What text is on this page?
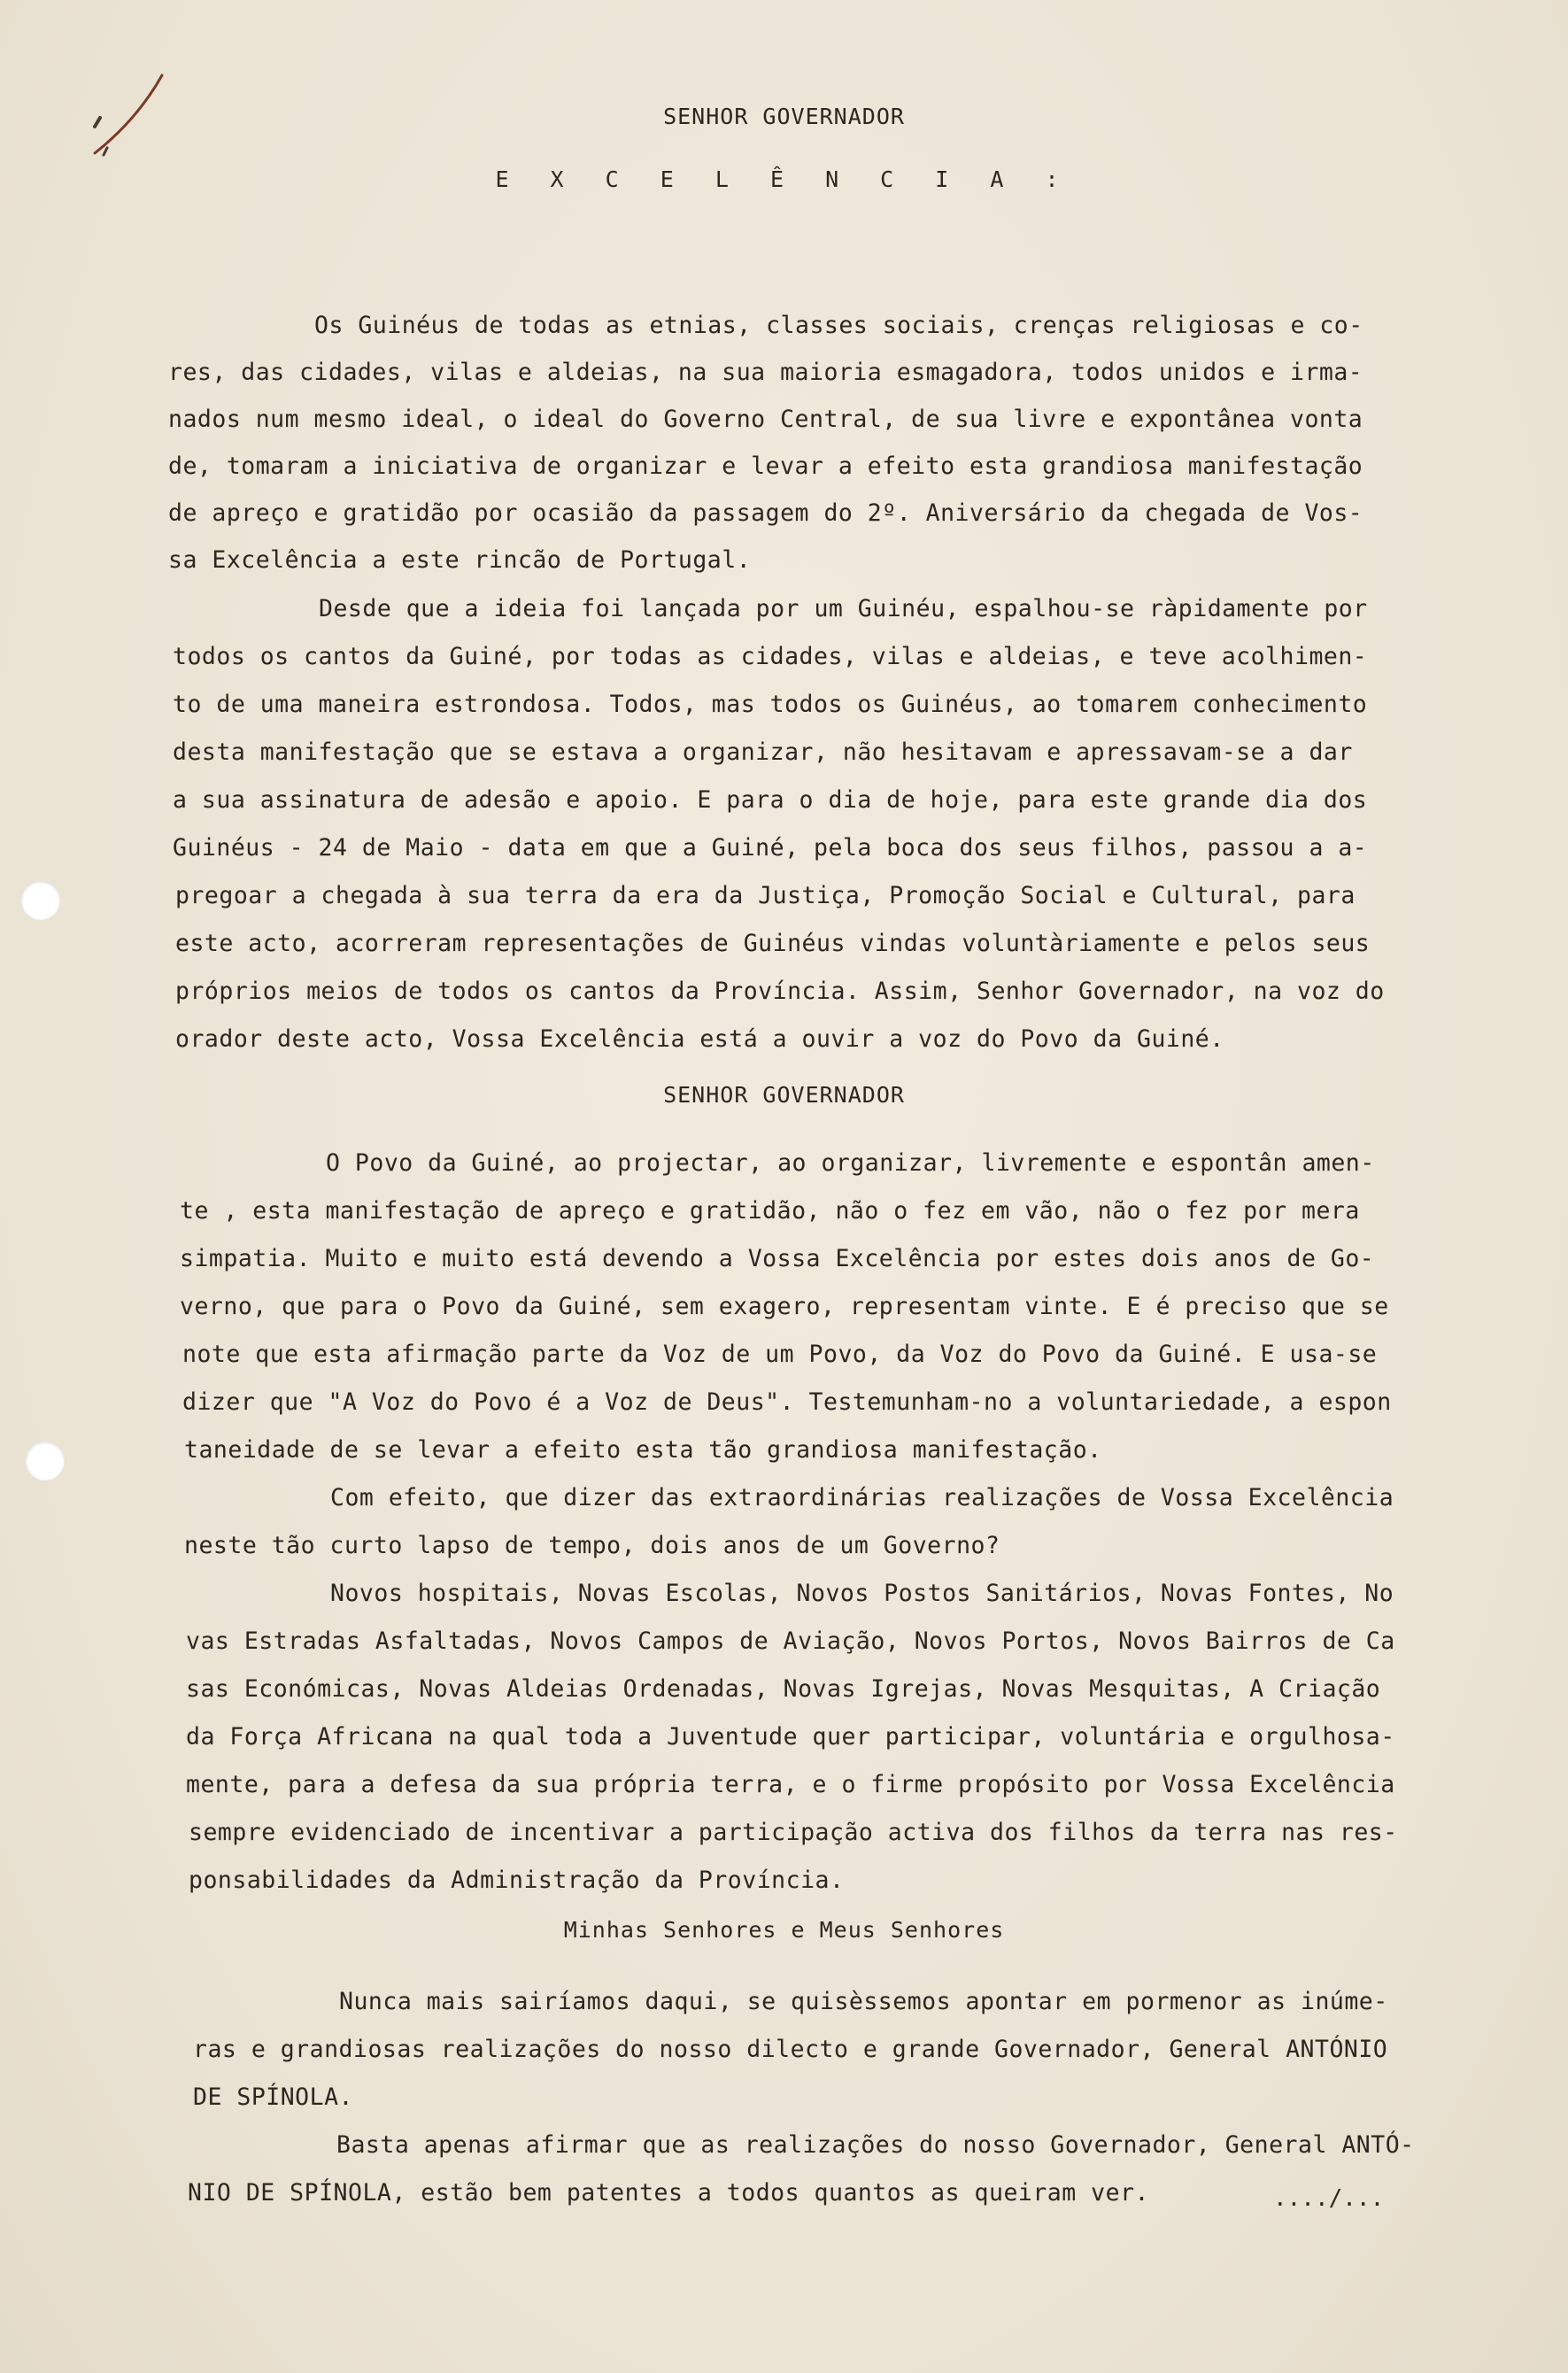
SENHOR GOVERNADOR
E X C E L Ê N C I A :
Os Guinéus de todas as etnias, classes sociais, crenças religiosas e co-
res, das cidades, vilas e aldeias, na sua maioria esmagadora, todos unidos e irma-
nados num mesmo ideal, o ideal do Governo Central, de sua livre e expontânea vonta
de, tomaram a iniciativa de organizar e levar a efeito esta grandiosa manifestação
de apreço e gratidão por ocasião da passagem do 2º. Aniversário da chegada de Vos-
sa Excelência a este rincão de Portugal.
Desde que a ideia foi lançada por um Guinéu, espalhou-se ràpidamente por
todos os cantos da Guiné, por todas as cidades, vilas e aldeias, e teve acolhimen-
to de uma maneira estrondosa. Todos, mas todos os Guinéus, ao tomarem conhecimento
desta manifestação que se estava a organizar, não hesitavam e apressavam-se a dar
a sua assinatura de adesão e apoio. E para o dia de hoje, para este grande dia dos
Guinéus - 24 de Maio - data em que a Guiné, pela boca dos seus filhos, passou a a-
pregoar a chegada à sua terra da era da Justiça, Promoção Social e Cultural, para
este acto, acorreram representações de Guinéus vindas voluntàriamente e pelos seus
próprios meios de todos os cantos da Província. Assim, Senhor Governador, na voz do
orador deste acto, Vossa Excelência está a ouvir a voz do Povo da Guiné.
SENHOR GOVERNADOR
O Povo da Guiné, ao projectar, ao organizar, livremente e espontân amen-
te , esta manifestação de apreço e gratidão, não o fez em vão, não o fez por mera
simpatia. Muito e muito está devendo a Vossa Excelência por estes dois anos de Go-
verno, que para o Povo da Guiné, sem exagero, representam vinte. E é preciso que se
note que esta afirmação parte da Voz de um Povo, da Voz do Povo da Guiné. E usa-se
dizer que "A Voz do Povo é a Voz de Deus". Testemunham-no a voluntariedade, a espon
taneidade de se levar a efeito esta tão grandiosa manifestação.
Com efeito, que dizer das extraordinárias realizações de Vossa Excelência
neste tão curto lapso de tempo, dois anos de um Governo?
Novos hospitais, Novas Escolas, Novos Postos Sanitários, Novas Fontes, No
vas Estradas Asfaltadas, Novos Campos de Aviação, Novos Portos, Novos Bairros de Ca
sas Económicas, Novas Aldeias Ordenadas, Novas Igrejas, Novas Mesquitas, A Criação
da Força Africana na qual toda a Juventude quer participar, voluntária e orgulhosa-
mente, para a defesa da sua própria terra, e o firme propósito por Vossa Excelência
sempre evidenciado de incentivar a participação activa dos filhos da terra nas res-
ponsabilidades da Administração da Província.
Minhas Senhores e Meus Senhores
Nunca mais sairíamos daqui, se quisèssemos apontar em pormenor as inúme-
ras e grandiosas realizações do nosso dilecto e grande Governador, General ANTÓNIO
DE SPÍNOLA.
Basta apenas afirmar que as realizações do nosso Governador, General ANTÓ-
NIO DE SPÍNOLA, estão bem patentes a todos quantos as queiram ver.	..../...
